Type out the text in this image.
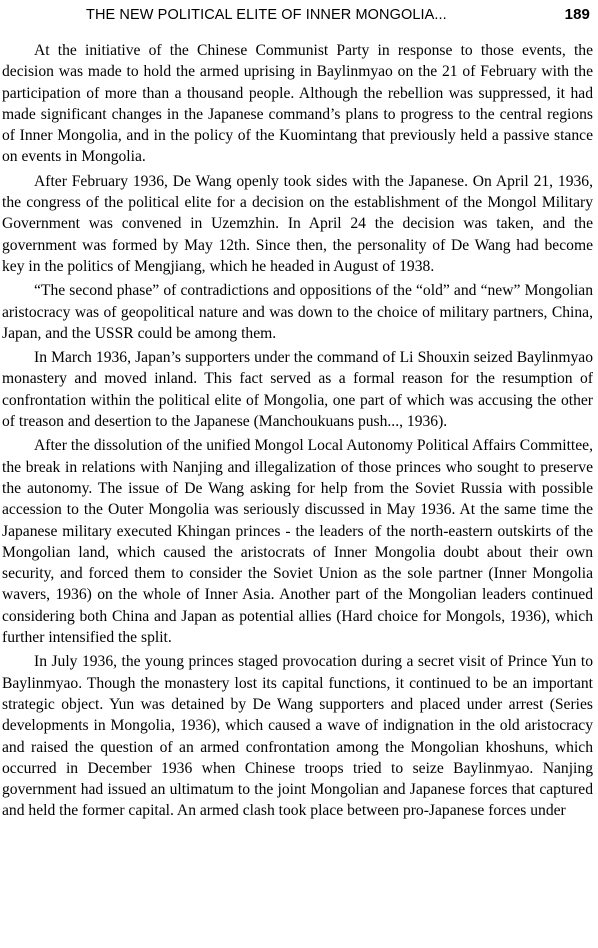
THE NEW POLITICAL ELITE OF INNER MONGOLIA...	189

At the initiative of the Chinese Communist Party in response to those events, the decision was made to hold the armed uprising in Baylinmyao on the 21 of February with the participation of more than a thousand people. Although the rebellion was suppressed, it had made significant changes in the Japanese command’s plans to progress to the central regions of Inner Mongolia, and in the policy of the Kuomintang that previously held a passive stance on events in Mongolia.

After February 1936, De Wang openly took sides with the Japanese. On April 21, 1936, the congress of the political elite for a decision on the establishment of the Mongol Military Government was convened in Uzemzhin. In April 24 the decision was taken, and the government was formed by May 12th. Since then, the personality of De Wang had become key in the politics of Mengjiang, which he headed in August of 1938.

“The second phase” of contradictions and oppositions of the “old” and “new” Mongolian aristocracy was of geopolitical nature and was down to the choice of military partners, China, Japan, and the USSR could be among them.

In March 1936, Japan’s supporters under the command of Li Shouxin seized Baylinmyao monastery and moved inland. This fact served as a formal reason for the resumption of confrontation within the political elite of Mongolia, one part of which was accusing the other of treason and desertion to the Japanese (Manchoukuans push..., 1936).

After the dissolution of the unified Mongol Local Autonomy Political Affairs Committee, the break in relations with Nanjing and illegalization of those princes who sought to preserve the autonomy. The issue of De Wang asking for help from the Soviet Russia with possible accession to the Outer Mongolia was seriously discussed in May 1936. At the same time the Japanese military executed Khingan princes - the leaders of the north-eastern outskirts of the Mongolian land, which caused the aristocrats of Inner Mongolia doubt about their own security, and forced them to consider the Soviet Union as the sole partner (Inner Mongolia wavers, 1936) on the whole of Inner Asia. Another part of the Mongolian leaders continued considering both China and Japan as potential allies (Hard choice for Mongols, 1936), which further intensified the split.

In July 1936, the young princes staged provocation during a secret visit of Prince Yun to Baylinmyao. Though the monastery lost its capital functions, it continued to be an important strategic object. Yun was detained by De Wang supporters and placed under arrest (Series developments in Mongolia, 1936), which caused a wave of indignation in the old aristocracy and raised the question of an armed confrontation among the Mongolian khoshuns, which occurred in December 1936 when Chinese troops tried to seize Baylinmyao. Nanjing government had issued an ultimatum to the joint Mongolian and Japanese forces that captured and held the former capital. An armed clash took place between pro-Japanese forces under
